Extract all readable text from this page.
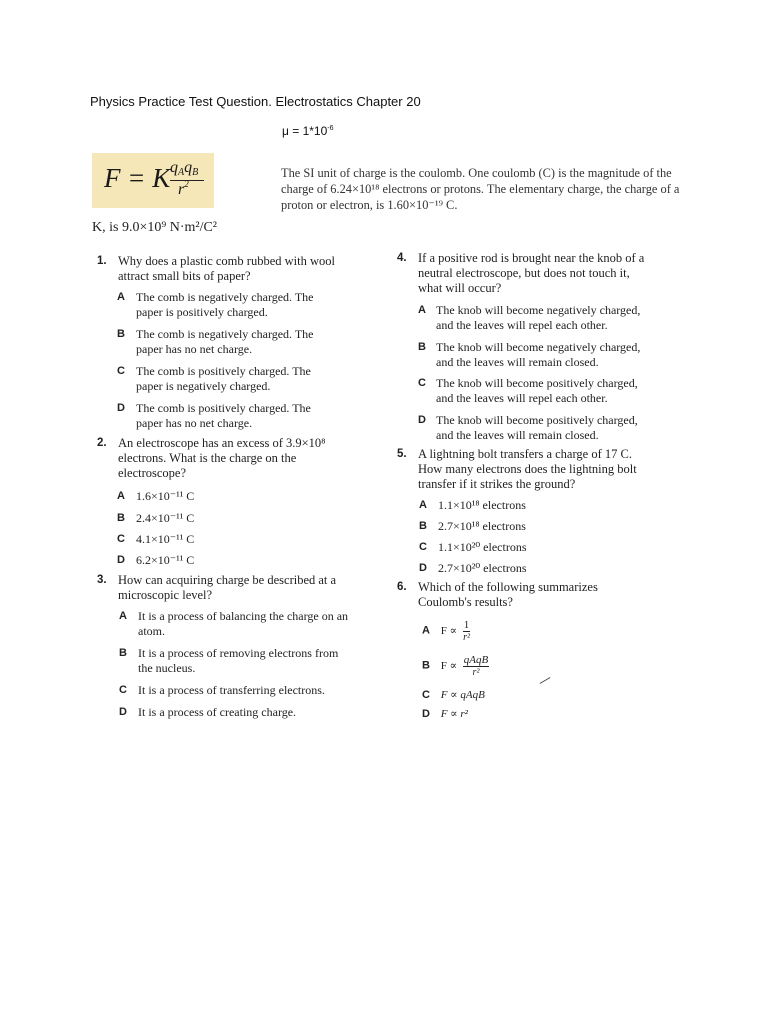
Physics Practice Test Question. Electrostatics Chapter 20
$\mu = 1*10^{-6}$
F = K $q_Aq_B$
$r^2$
The SI unit of charge is the coulomb. One coulomb (C) is the magnitude of the charge of 6.24×10¹⁸ electrons or protons. The elementary charge, the charge of a proton or electron, is 1.60×10⁻¹⁹ C.
K, is 9.0×10⁹ N·m²/C²
1. Why does a plastic comb rubbed with wool attract small bits of paper?
A The comb is negatively charged. The paper is positively charged.
B The comb is negatively charged. The paper has no net charge.
C The comb is positively charged. The paper is negatively charged.
D The comb is positively charged. The paper has no net charge.
2. An electroscope has an excess of 3.9×10⁸ electrons. What is the charge on the electroscope?
A 1.6×10⁻¹¹ C
B 2.4×10⁻¹¹ C
C 4.1×10⁻¹¹ C
D 6.2×10⁻¹¹ C
3. How can acquiring charge be described at a microscopic level?
A It is a process of balancing the charge on an atom.
B It is a process of removing electrons from the nucleus.
C It is a process of transferring electrons.
D It is a process of creating charge.
4. If a positive rod is brought near the knob of a neutral electroscope, but does not touch it, what will occur?
A The knob will become negatively charged, and the leaves will repel each other.
B The knob will become negatively charged, and the leaves will remain closed.
C The knob will become positively charged, and the leaves will repel each other.
D The knob will become positively charged, and the leaves will remain closed.
5. A lightning bolt transfers a charge of 17 C. How many electrons does the lightning bolt transfer if it strikes the ground?
A 1.1×10¹⁸ electrons
B 2.7×10¹⁸ electrons
C 1.1×10²⁰ electrons
D 2.7×10²⁰ electrons
6. Which of the following summarizes Coulomb's results?
A $F \propto \frac{1}{\text{r²}}$
B $F \propto \frac{\text{qAqB}}{\text{r²}}$
C F ∝ qAqB
D F ∝ r²
